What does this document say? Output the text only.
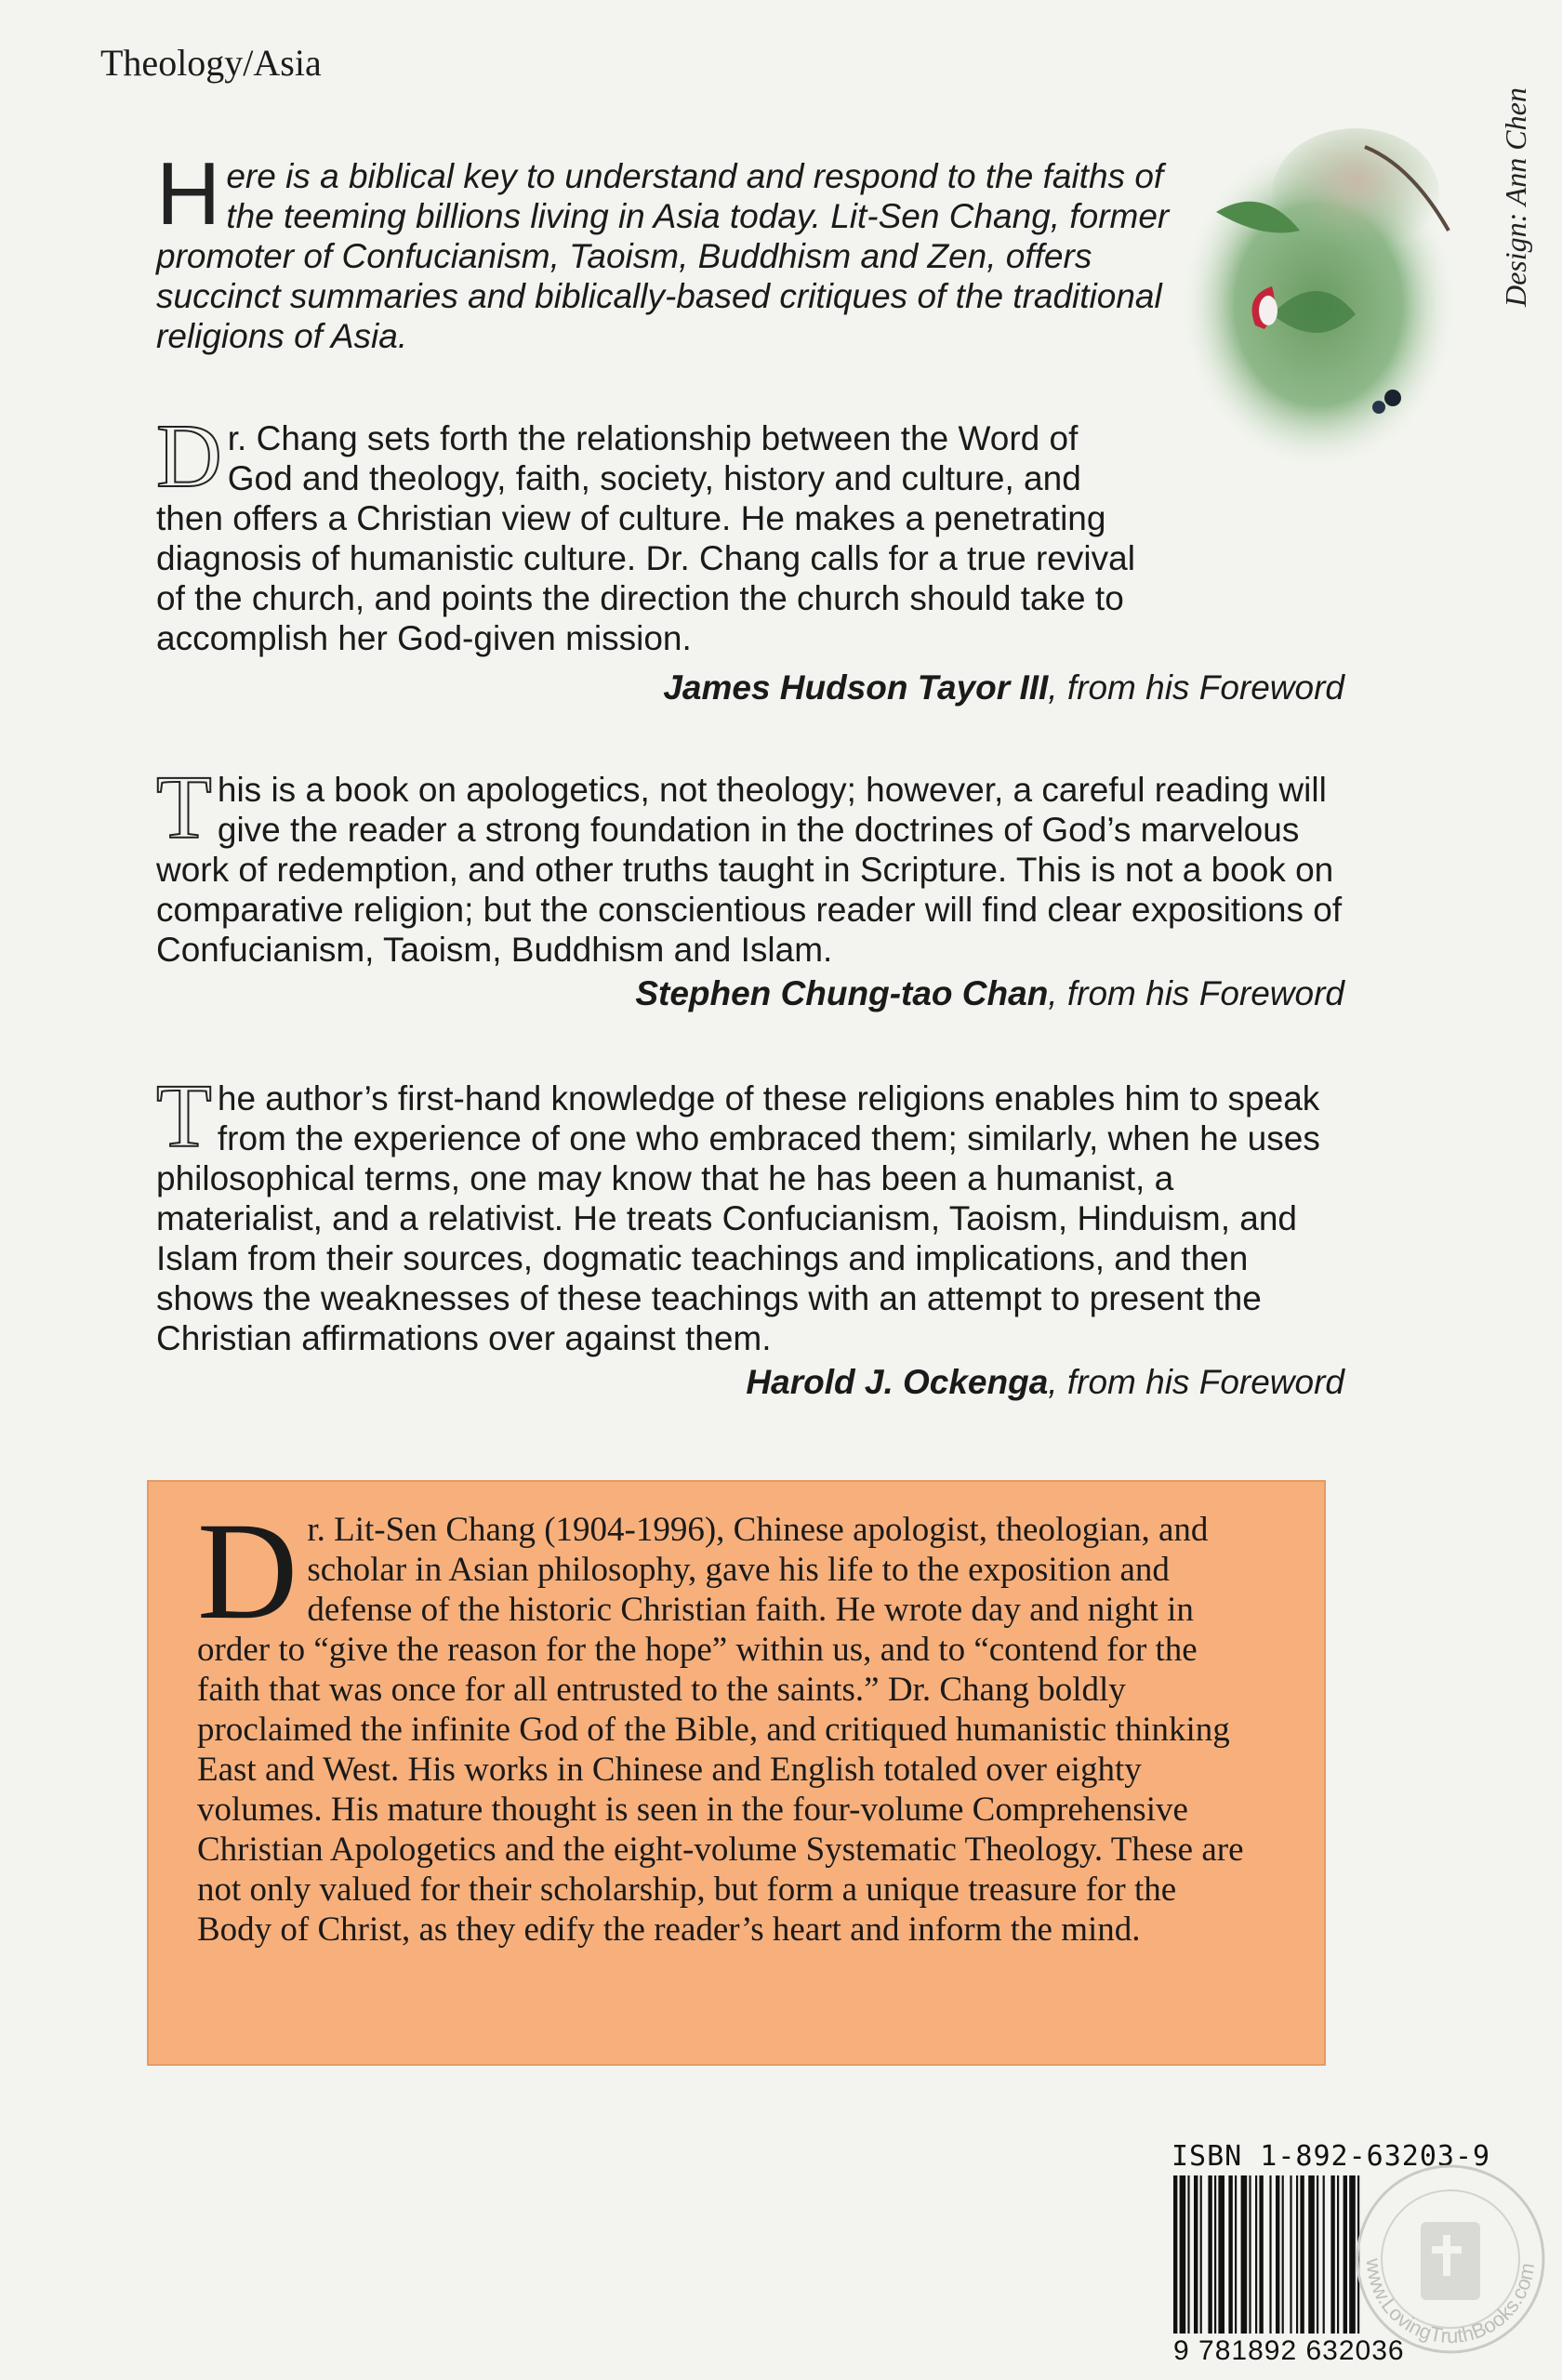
Theology/Asia
Design: Ann Chen

H ere is a biblical key to understand and respond to the faiths of the teeming billions living in Asia today. Lit-Sen Chang, former promoter of Confucianism, Taoism, Buddhism and Zen, offers succinct summaries and biblically-based critiques of the traditional religions of Asia.

D r. Chang sets forth the relationship between the Word of God and theology, faith, society, history and culture, and then offers a Christian view of culture. He makes a penetrating diagnosis of humanistic culture. Dr. Chang calls for a true revival of the church, and points the direction the church should take to accomplish her God-given mission.

James Hudson Tayor III, from his Foreword

T his is a book on apologetics, not theology; however, a careful reading will give the reader a strong foundation in the doctrines of God’s marvelous work of redemption, and other truths taught in Scripture. This is not a book on comparative religion; but the conscientious reader will find clear expositions of Confucianism, Taoism, Buddhism and Islam.

Stephen Chung-tao Chan, from his Foreword

T he author’s first-hand knowledge of these religions enables him to speak from the experience of one who embraced them; similarly, when he uses philosophical terms, one may know that he has been a humanist, a materialist, and a relativist. He treats Confucianism, Taoism, Hinduism, and Islam from their sources, dogmatic teachings and implications, and then shows the weaknesses of these teachings with an attempt to present the Christian affirmations over against them.

Harold J. Ockenga, from his Foreword
D r. Lit-Sen Chang (1904-1996), Chinese apologist, theologian, and scholar in Asian philosophy, gave his life to the exposition and defense of the historic Christian faith. He wrote day and night in order to “give the reason for the hope” within us, and to “contend for the faith that was once for all entrusted to the saints.” Dr. Chang boldly proclaimed the infinite God of the Bible, and critiqued humanistic thinking East and West. His works in Chinese and English totaled over eighty volumes. His mature thought is seen in the four-volume Comprehensive Christian Apologetics and the eight-volume Systematic Theology. These are not only valued for their scholarship, but form a unique treasure for the Body of Christ, as they edify the reader’s heart and inform the mind.
ISBN 1-892-63203-9
9 781892 632036
www.LovingTruthBooks.com
